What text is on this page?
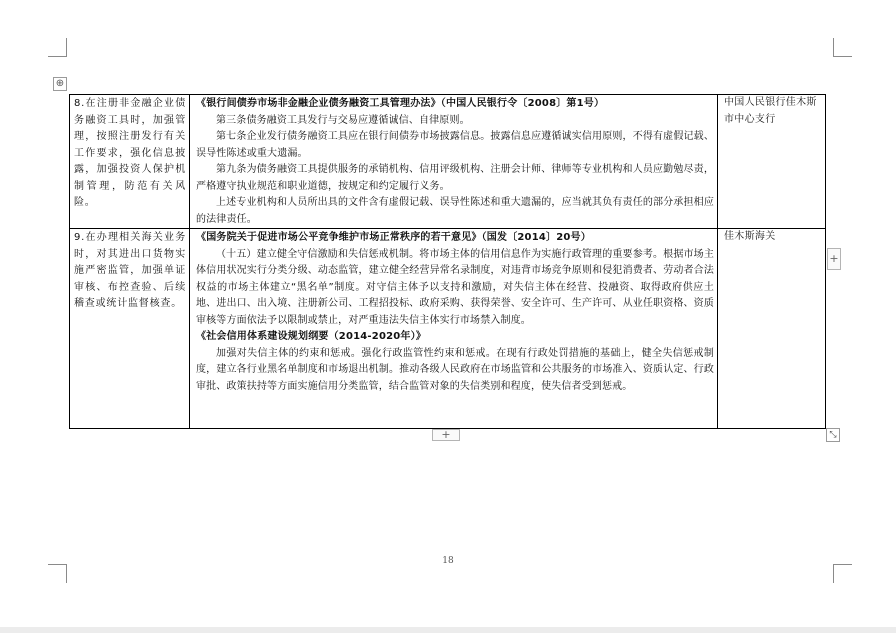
⊕
8.在注册非金融企业债务融资工具时，加强管理，按照注册发行有关工作要求，强化信息披露，加强投资人保护机制管理，防范有关风险。	《银行间债券市场非金融企业债务融资工具管理办法》（中国人民银行令〔2008〕第1号）
第三条债务融资工具发行与交易应遵循诚信、自律原则。
第七条企业发行债务融资工具应在银行间债券市场披露信息。披露信息应遵循诚实信用原则，不得有虚假记载、误导性陈述或重大遗漏。
第九条为债务融资工具提供服务的承销机构、信用评级机构、注册会计师、律师等专业机构和人员应勤勉尽责，严格遵守执业规范和职业道德，按规定和约定履行义务。
上述专业机构和人员所出具的文件含有虚假记载、误导性陈述和重大遗漏的，应当就其负有责任的部分承担相应的法律责任。	中国人民银行佳木斯市中心支行

9.在办理相关海关业务时，对其进出口货物实施严密监管，加强单证审核、布控查验、后续稽查或统计监督核查。	《国务院关于促进市场公平竞争维护市场正常秩序的若干意见》（国发〔2014〕20号）
（十五）建立健全守信激励和失信惩戒机制。将市场主体的信用信息作为实施行政管理的重要参考。根据市场主体信用状况实行分类分级、动态监管，建立健全经营异常名录制度，对违背市场竞争原则和侵犯消费者、劳动者合法权益的市场主体建立“黑名单”制度。对守信主体予以支持和激励，对失信主体在经营、投融资、取得政府供应土地、进出口、出入境、注册新公司、工程招投标、政府采购、获得荣誉、安全许可、生产许可、从业任职资格、资质审核等方面依法予以限制或禁止，对严重违法失信主体实行市场禁入制度。
《社会信用体系建设规划纲要（2014-2020年）》
加强对失信主体的约束和惩戒。强化行政监管性约束和惩戒。在现有行政处罚措施的基础上，健全失信惩戒制度，建立各行业黑名单制度和市场退出机制。推动各级人民政府在市场监管和公共服务的市场准入、资质认定、行政审批、政策扶持等方面实施信用分类监管，结合监管对象的失信类别和程度，使失信者受到惩戒。	佳木斯海关
+
+	⤡
18
